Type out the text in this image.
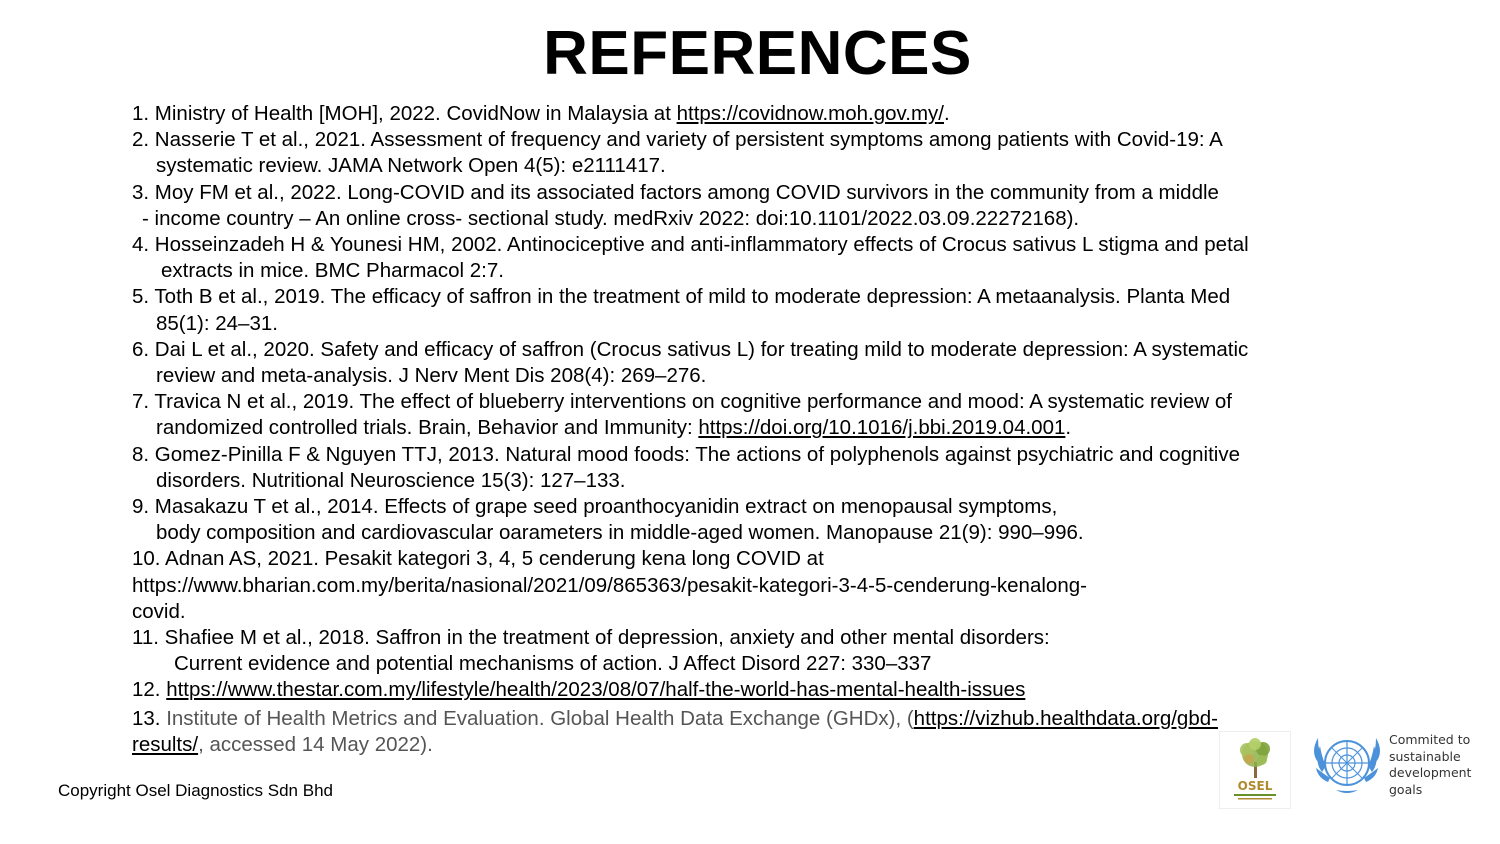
REFERENCES

1. Ministry of Health [MOH], 2022. CovidNow in Malaysia at https://covidnow.moh.gov.my/.

2. Nasserie T et al., 2021. Assessment of frequency and variety of persistent symptoms among patients with Covid-19: A

systematic review. JAMA Network Open 4(5): e2111417.

3. Moy FM et al., 2022. Long-COVID and its associated factors among COVID survivors in the community from a middle

- income country – An online cross- sectional study. medRxiv 2022: doi:10.1101/2022.03.09.22272168).

4. Hosseinzadeh H & Younesi HM, 2002. Antinociceptive and anti-inflammatory effects of Crocus sativus L stigma and petal

extracts in mice. BMC Pharmacol 2:7.

5. Toth B et al., 2019. The efficacy of saffron in the treatment of mild to moderate depression: A metaanalysis. Planta Med

85(1): 24–31.

6. Dai L et al., 2020. Safety and efficacy of saffron (Crocus sativus L) for treating mild to moderate depression: A systematic

review and meta-analysis. J Nerv Ment Dis 208(4): 269–276.

7. Travica N et al., 2019. The effect of blueberry interventions on cognitive performance and mood: A systematic review of

randomized controlled trials. Brain, Behavior and Immunity: https://doi.org/10.1016/j.bbi.2019.04.001.

8. Gomez-Pinilla F & Nguyen TTJ, 2013. Natural mood foods: The actions of polyphenols against psychiatric and cognitive

disorders. Nutritional Neuroscience 15(3): 127–133.

9. Masakazu T et al., 2014. Effects of grape seed proanthocyanidin extract on menopausal symptoms,

body composition and cardiovascular oarameters in middle-aged women. Manopause 21(9): 990–996.

10. Adnan AS, 2021. Pesakit kategori 3, 4, 5 cenderung kena long COVID at

https://www.bharian.com.my/berita/nasional/2021/09/865363/pesakit-kategori-3-4-5-cenderung-kenalong-

covid.

11. Shafiee M et al., 2018. Saffron in the treatment of depression, anxiety and other mental disorders:

Current evidence and potential mechanisms of action. J Affect Disord 227: 330–337

12. https://www.thestar.com.my/lifestyle/health/2023/08/07/half-the-world-has-mental-health-issues

13. Institute of Health Metrics and Evaluation. Global Health Data Exchange (GHDx), (https://vizhub.healthdata.org/gbd-

results/, accessed 14 May 2022).

Copyright Osel Diagnostics Sdn Bhd	OSEL
Commited to
sustainable
development
goals
